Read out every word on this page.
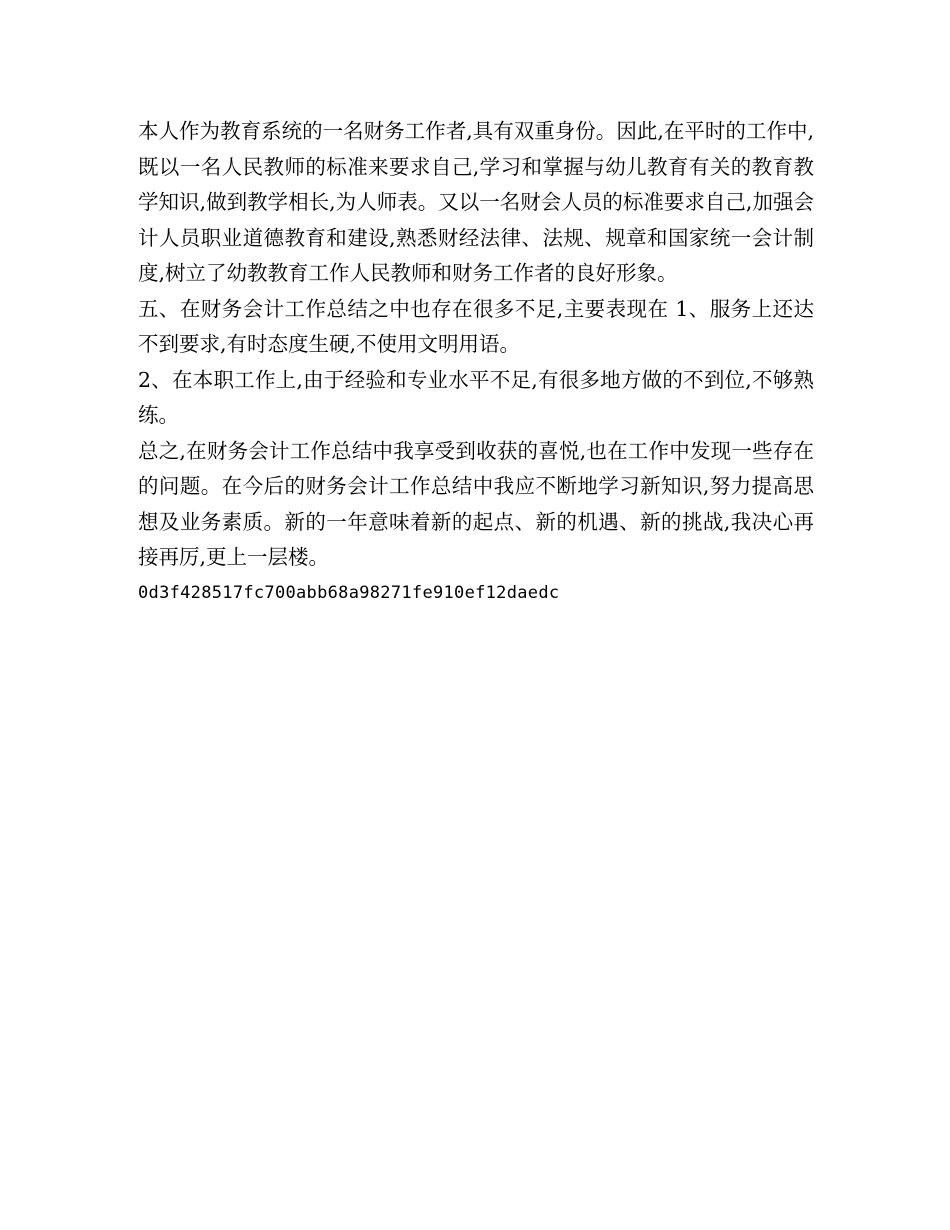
本人作为教育系统的一名财务工作者,具有双重身份。因此,在平时的工作中,既以一名人民教师的标准来要求自己,学习和掌握与幼儿教育有关的教育教学知识,做到教学相长,为人师表。又以一名财会人员的标准要求自己,加强会计人员职业道德教育和建设,熟悉财经法律、法规、规章和国家统一会计制度,树立了幼教教育工作人民教师和财务工作者的良好形象。

五、在财务会计工作总结之中也存在很多不足,主要表现在 1、服务上还达不到要求,有时态度生硬,不使用文明用语。

2、在本职工作上,由于经验和专业水平不足,有很多地方做的不到位,不够熟练。

总之,在财务会计工作总结中我享受到收获的喜悦,也在工作中发现一些存在的问题。在今后的财务会计工作总结中我应不断地学习新知识,努力提高思想及业务素质。新的一年意味着新的起点、新的机遇、新的挑战,我决心再接再厉,更上一层楼。

0d3f428517fc700abb68a98271fe910ef12daedc
